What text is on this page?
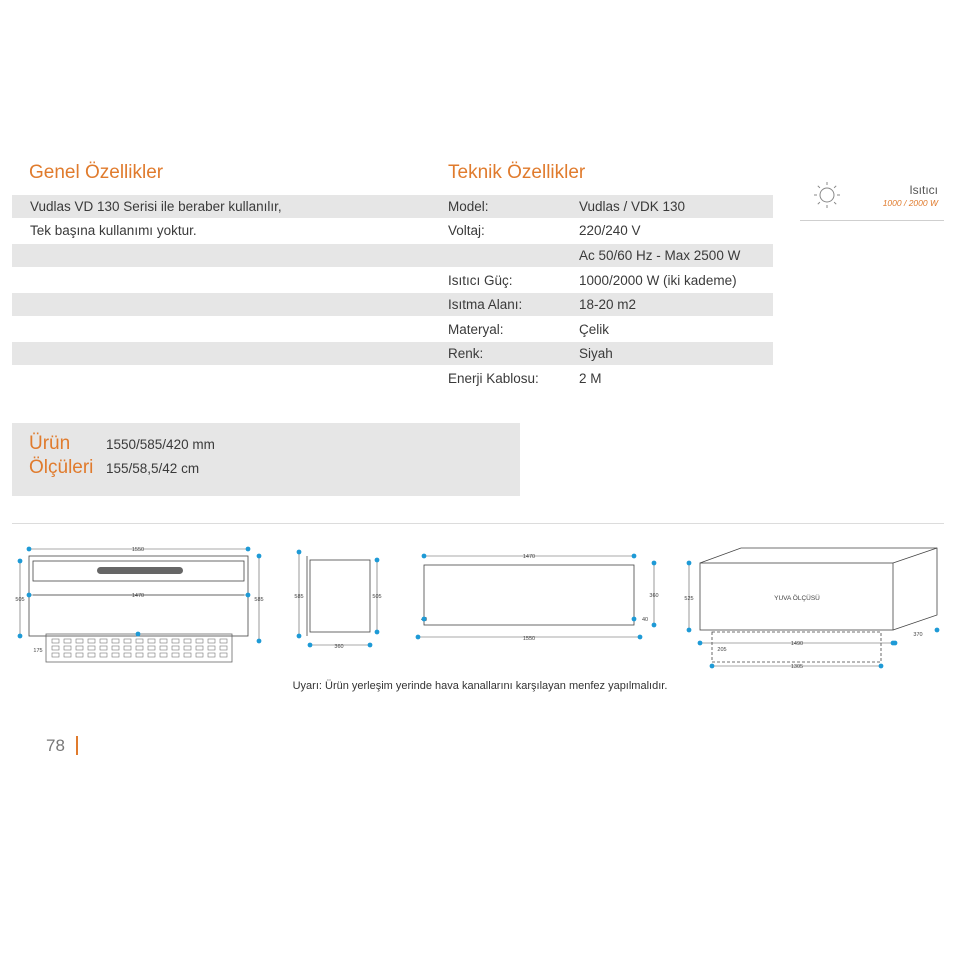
Genel Özellikler	Teknik Özellikler
Vudlas VD 130 Serisi ile beraber kullanılır,	Model:	Vudlas / VDK 130
Tek başına kullanımı yoktur.	Voltaj:	220/240 V
Ac 50/60 Hz - Max 2500 W
Isıtıcı Güç:	1000/2000 W (iki kademe)
Isıtma Alanı:	18-20 m2
Materyal:	Çelik
Renk:	Siyah
Enerji Kablosu:	2 M
Isıtıcı
1000 / 2000 W
Ürün
Ölçüleri
1550/585/420 mm
155/58,5/42 cm
1550
1470
505	585
175
585	505
360
1470
1550
360
40
YUVA ÖLÇÜSÜ
525
370
1490
205
1305
Uyarı: Ürün yerleşim yerinde hava kanallarını karşılayan menfez yapılmalıdır.
78
